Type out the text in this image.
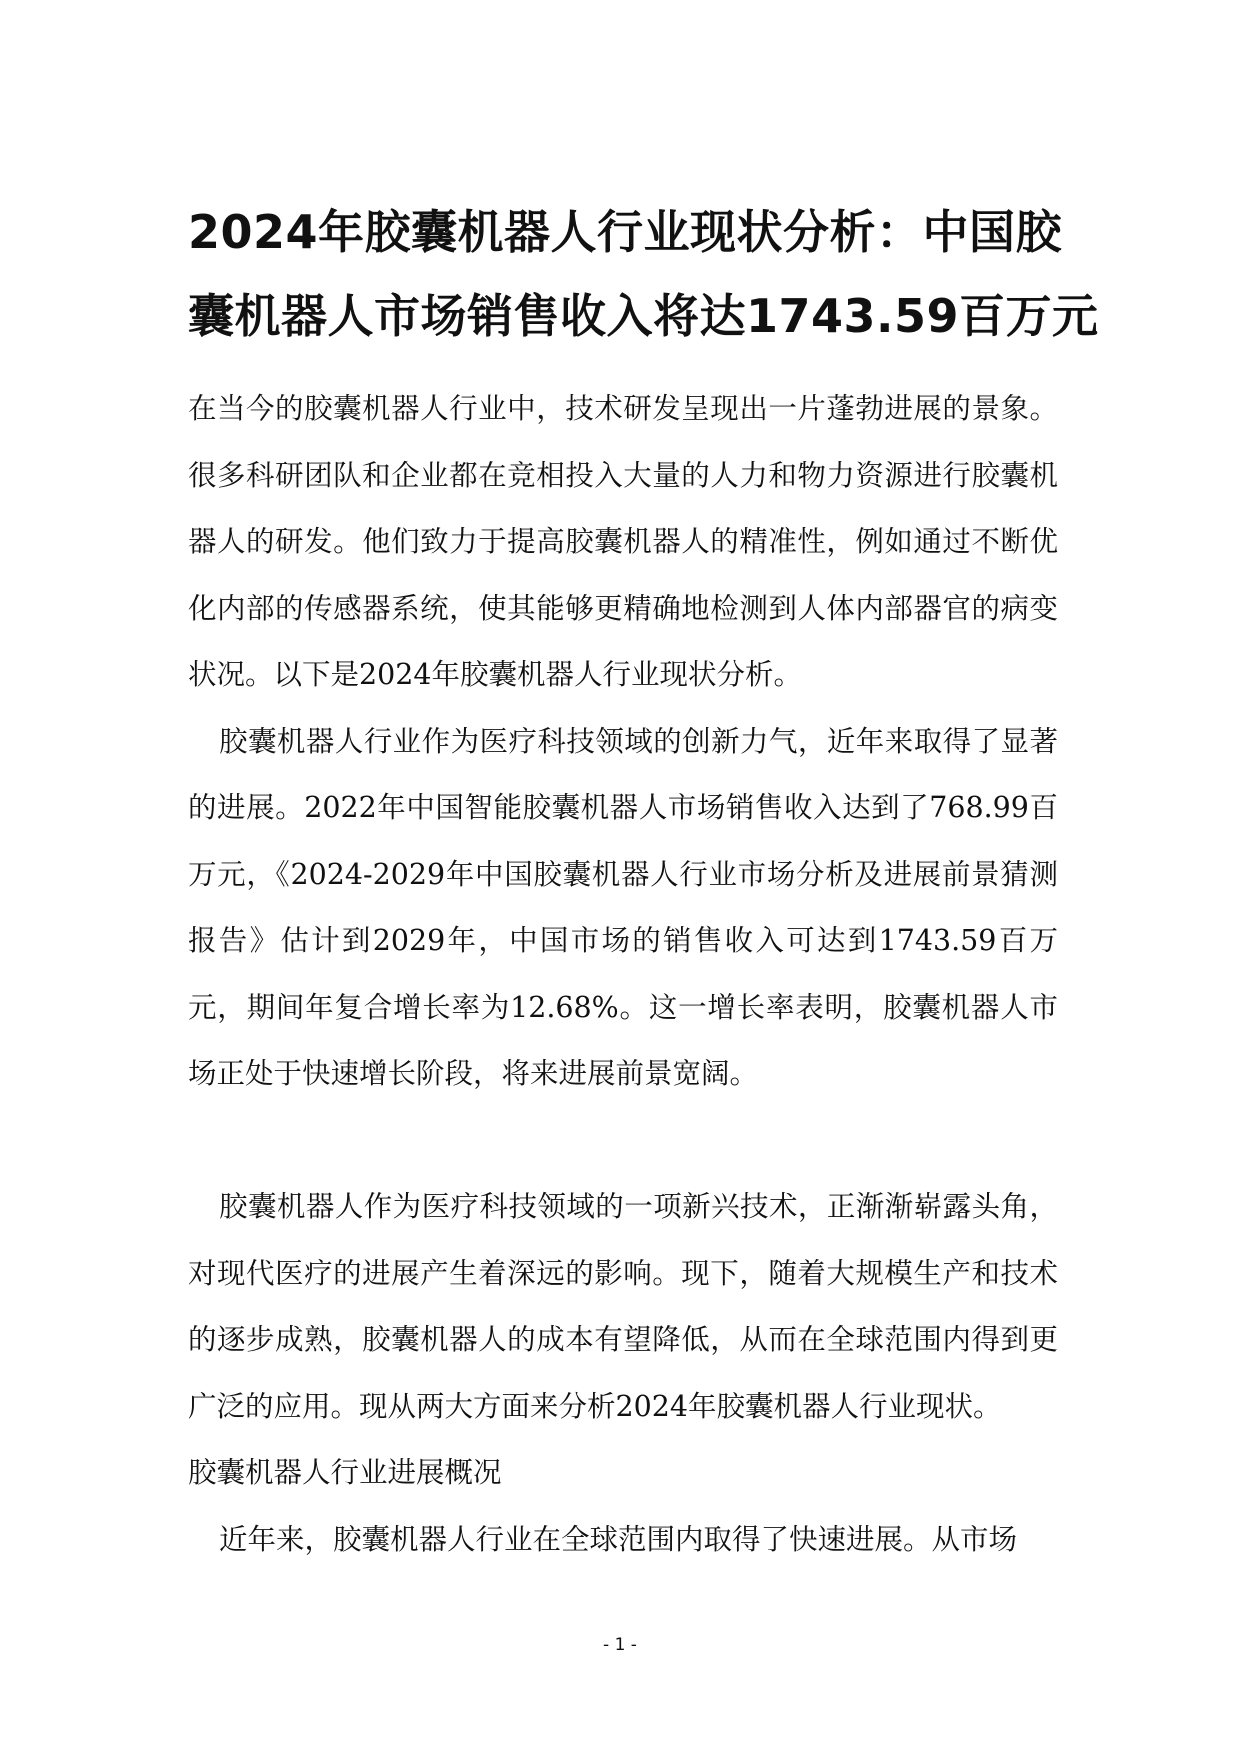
2024年胶囊机器人行业现状分析：中国胶
囊机器人市场销售收入将达1743.59百万元

在当今的胶囊机器人行业中，技术研发呈现出一片蓬勃进展的景象。很多科研团队和企业都在竞相投入大量的人力和物力资源进行胶囊机器人的研发。他们致力于提高胶囊机器人的精准性，例如通过不断优化内部的传感器系统，使其能够更精确地检测到人体内部器官的病变状况。以下是2024年胶囊机器人行业现状分析。

胶囊机器人行业作为医疗科技领域的创新力气，近年来取得了显著的进展。2022年中国智能胶囊机器人市场销售收入达到了768.99百万元，《2024-2029年中国胶囊机器人行业市场分析及进展前景猜测报告》估计到2029年，中国市场的销售收入可达到1743.59百万元，期间年复合增长率为12.68%。这一增长率表明，胶囊机器人市场正处于快速增长阶段，将来进展前景宽阔。

胶囊机器人作为医疗科技领域的一项新兴技术，正渐渐崭露头角，对现代医疗的进展产生着深远的影响。现下，随着大规模生产和技术的逐步成熟，胶囊机器人的成本有望降低，从而在全球范围内得到更广泛的应用。现从两大方面来分析2024年胶囊机器人行业现状。

胶囊机器人行业进展概况

近年来，胶囊机器人行业在全球范围内取得了快速进展。从市场

- 1 -
